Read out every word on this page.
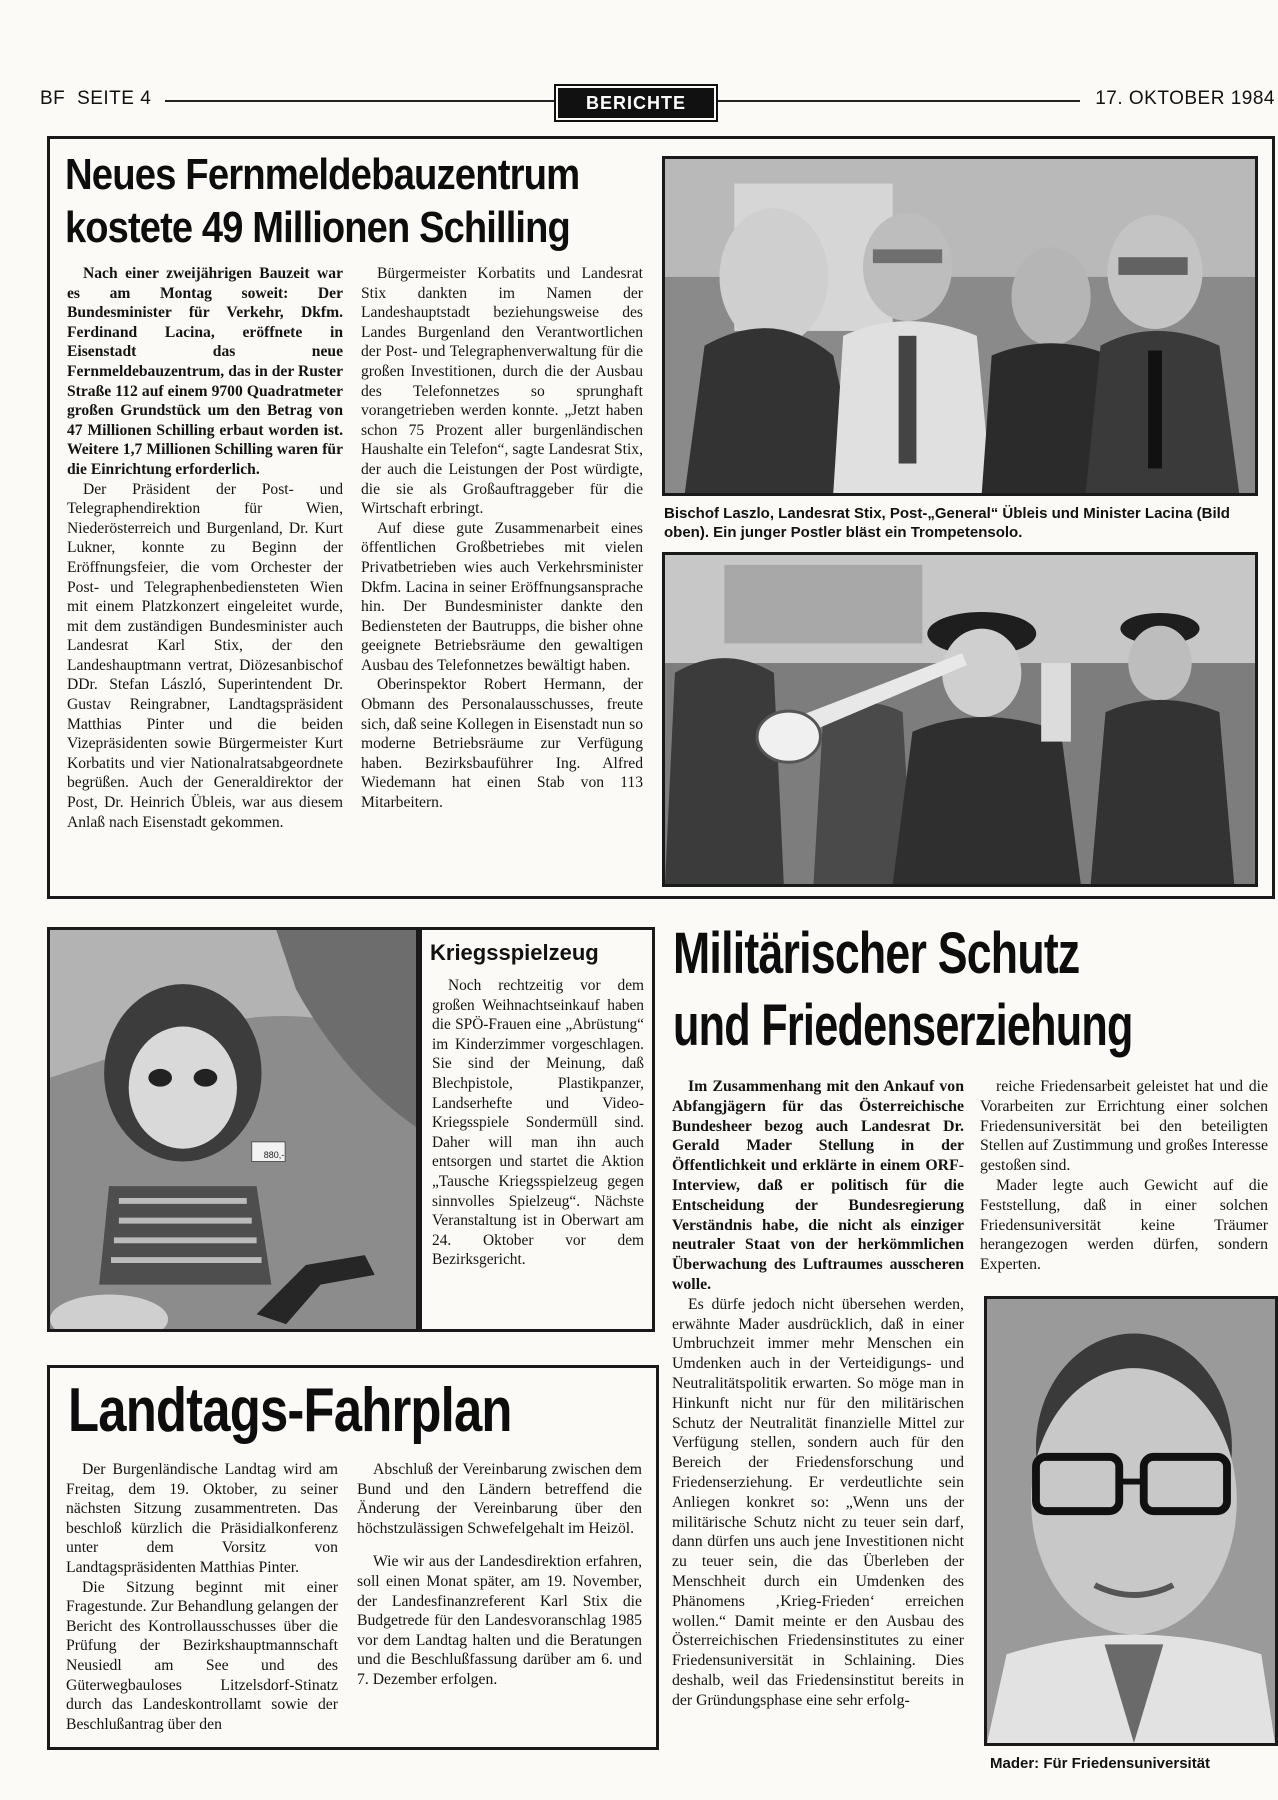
BF SEITE 4	BERICHTE	17. OKTOBER 1984
Neues Fernmeldebauzentrum
kostete 49 Millionen Schilling

Nach einer zweijährigen Bauzeit war es am Montag soweit: Der Bundesminister für Verkehr, Dkfm. Ferdinand Lacina, eröffnete in Eisenstadt das neue Fernmeldebauzentrum, das in der Ruster Straße 112 auf einem 9700 Quadratmeter großen Grundstück um den Betrag von 47 Millionen Schilling erbaut worden ist. Weitere 1,7 Millionen Schilling waren für die Einrichtung erforderlich.

Der Präsident der Post- und Telegraphendirektion für Wien, Niederösterreich und Burgenland, Dr. Kurt Lukner, konnte zu Beginn der Eröffnungsfeier, die vom Orchester der Post- und Telegraphenbediensteten Wien mit einem Platzkonzert eingeleitet wurde, mit dem zuständigen Bundesminister auch Landesrat Karl Stix, der den Landeshauptmann vertrat, Diözesanbischof DDr. Stefan László, Superintendent Dr. Gustav Reingrabner, Landtagspräsident Matthias Pinter und die beiden Vizepräsidenten sowie Bürgermeister Kurt Korbatits und vier Nationalratsabgeordnete begrüßen. Auch der Generaldirektor der Post, Dr. Heinrich Übleis, war aus diesem Anlaß nach Eisenstadt gekommen.

Bürgermeister Korbatits und Landesrat Stix dankten im Namen der Landeshauptstadt beziehungsweise des Landes Burgenland den Verantwortlichen der Post- und Telegraphenverwaltung für die großen Investitionen, durch die der Ausbau des Telefonnetzes so sprunghaft vorangetrieben werden konnte. „Jetzt haben schon 75 Prozent aller burgenländischen Haushalte ein Telefon“, sagte Landesrat Stix, der auch die Leistungen der Post würdigte, die sie als Großauftraggeber für die Wirtschaft erbringt.

Auf diese gute Zusammenarbeit eines öffentlichen Großbetriebes mit vielen Privatbetrieben wies auch Verkehrsminister Dkfm. Lacina in seiner Eröffnungsansprache hin. Der Bundesminister dankte den Bediensteten der Bautrupps, die bisher ohne geeignete Betriebsräume den gewaltigen Ausbau des Telefonnetzes bewältigt haben.

Oberinspektor Robert Hermann, der Obmann des Personalausschusses, freute sich, daß seine Kollegen in Eisenstadt nun so moderne Betriebsräume zur Verfügung haben. Bezirksbauführer Ing. Alfred Wiedemann hat einen Stab von 113 Mitarbeitern.

Bischof Laszlo, Landesrat Stix, Post-„General“ Übleis und Minister Lacina (Bild oben). Ein junger Postler bläst ein Trompetensolo.
880,-
Kriegsspielzeug

Noch rechtzeitig vor dem großen Weihnachtseinkauf haben die SPÖ-Frauen eine „Abrüstung“ im Kinderzimmer vorgeschlagen. Sie sind der Meinung, daß Blechpistole, Plastikpanzer, Landserhefte und Video-Kriegsspiele Sondermüll sind. Daher will man ihn auch entsorgen und startet die Aktion „Tausche Kriegsspielzeug gegen sinnvolles Spielzeug“. Nächste Veranstaltung ist in Oberwart am 24. Oktober vor dem Bezirksgericht.

Militärischer Schutz
und Friedenserziehung

Im Zusammenhang mit den Ankauf von Abfangjägern für das Österreichische Bundesheer bezog auch Landesrat Dr. Gerald Mader Stellung in der Öffentlichkeit und erklärte in einem ORF-Interview, daß er politisch für die Entscheidung der Bundesregierung Verständnis habe, die nicht als einziger neutraler Staat von der herkömmlichen Überwachung des Luftraumes ausscheren wolle.

Es dürfe jedoch nicht übersehen werden, erwähnte Mader ausdrücklich, daß in einer Umbruchzeit immer mehr Menschen ein Umdenken auch in der Verteidigungs- und Neutralitätspolitik erwarten. So möge man in Hinkunft nicht nur für den militärischen Schutz der Neutralität finanzielle Mittel zur Verfügung stellen, sondern auch für den Bereich der Friedensforschung und Friedenserziehung. Er verdeutlichte sein Anliegen konkret so: „Wenn uns der militärische Schutz nicht zu teuer sein darf, dann dürfen uns auch jene Investitionen nicht zu teuer sein, die das Überleben der Menschheit durch ein Umdenken des Phänomens ‚Krieg-Frieden‘ erreichen wollen.“ Damit meinte er den Ausbau des Österreichischen Friedensinstitutes zu einer Friedensuniversität in Schlaining. Dies deshalb, weil das Friedensinstitut bereits in der Gründungsphase eine sehr erfolg-

reiche Friedensarbeit geleistet hat und die Vorarbeiten zur Errichtung einer solchen Friedensuniversität bei den beteiligten Stellen auf Zustimmung und großes Interesse gestoßen sind.

Mader legte auch Gewicht auf die Feststellung, daß in einer solchen Friedensuniversität keine Träumer herangezogen werden dürfen, sondern Experten.

Mader: Für Friedensuniversität
Landtags-Fahrplan

Der Burgenländische Landtag wird am Freitag, dem 19. Oktober, zu seiner nächsten Sitzung zusammentreten. Das beschloß kürzlich die Präsidialkonferenz unter dem Vorsitz von Landtagspräsidenten Matthias Pinter.

Die Sitzung beginnt mit einer Fragestunde. Zur Behandlung gelangen der Bericht des Kontrollausschusses über die Prüfung der Bezirkshauptmannschaft Neusiedl am See und des Güterwegbauloses Litzelsdorf-Stinatz durch das Landeskontrollamt sowie der Beschlußantrag über den

Abschluß der Vereinbarung zwischen dem Bund und den Ländern betreffend die Änderung der Vereinbarung über den höchstzulässigen Schwefelgehalt im Heizöl.

Wie wir aus der Landesdirektion erfahren, soll einen Monat später, am 19. November, der Landesfinanzreferent Karl Stix die Budgetrede für den Landesvoranschlag 1985 vor dem Landtag halten und die Beratungen und die Beschlußfassung darüber am 6. und 7. Dezember erfolgen.
